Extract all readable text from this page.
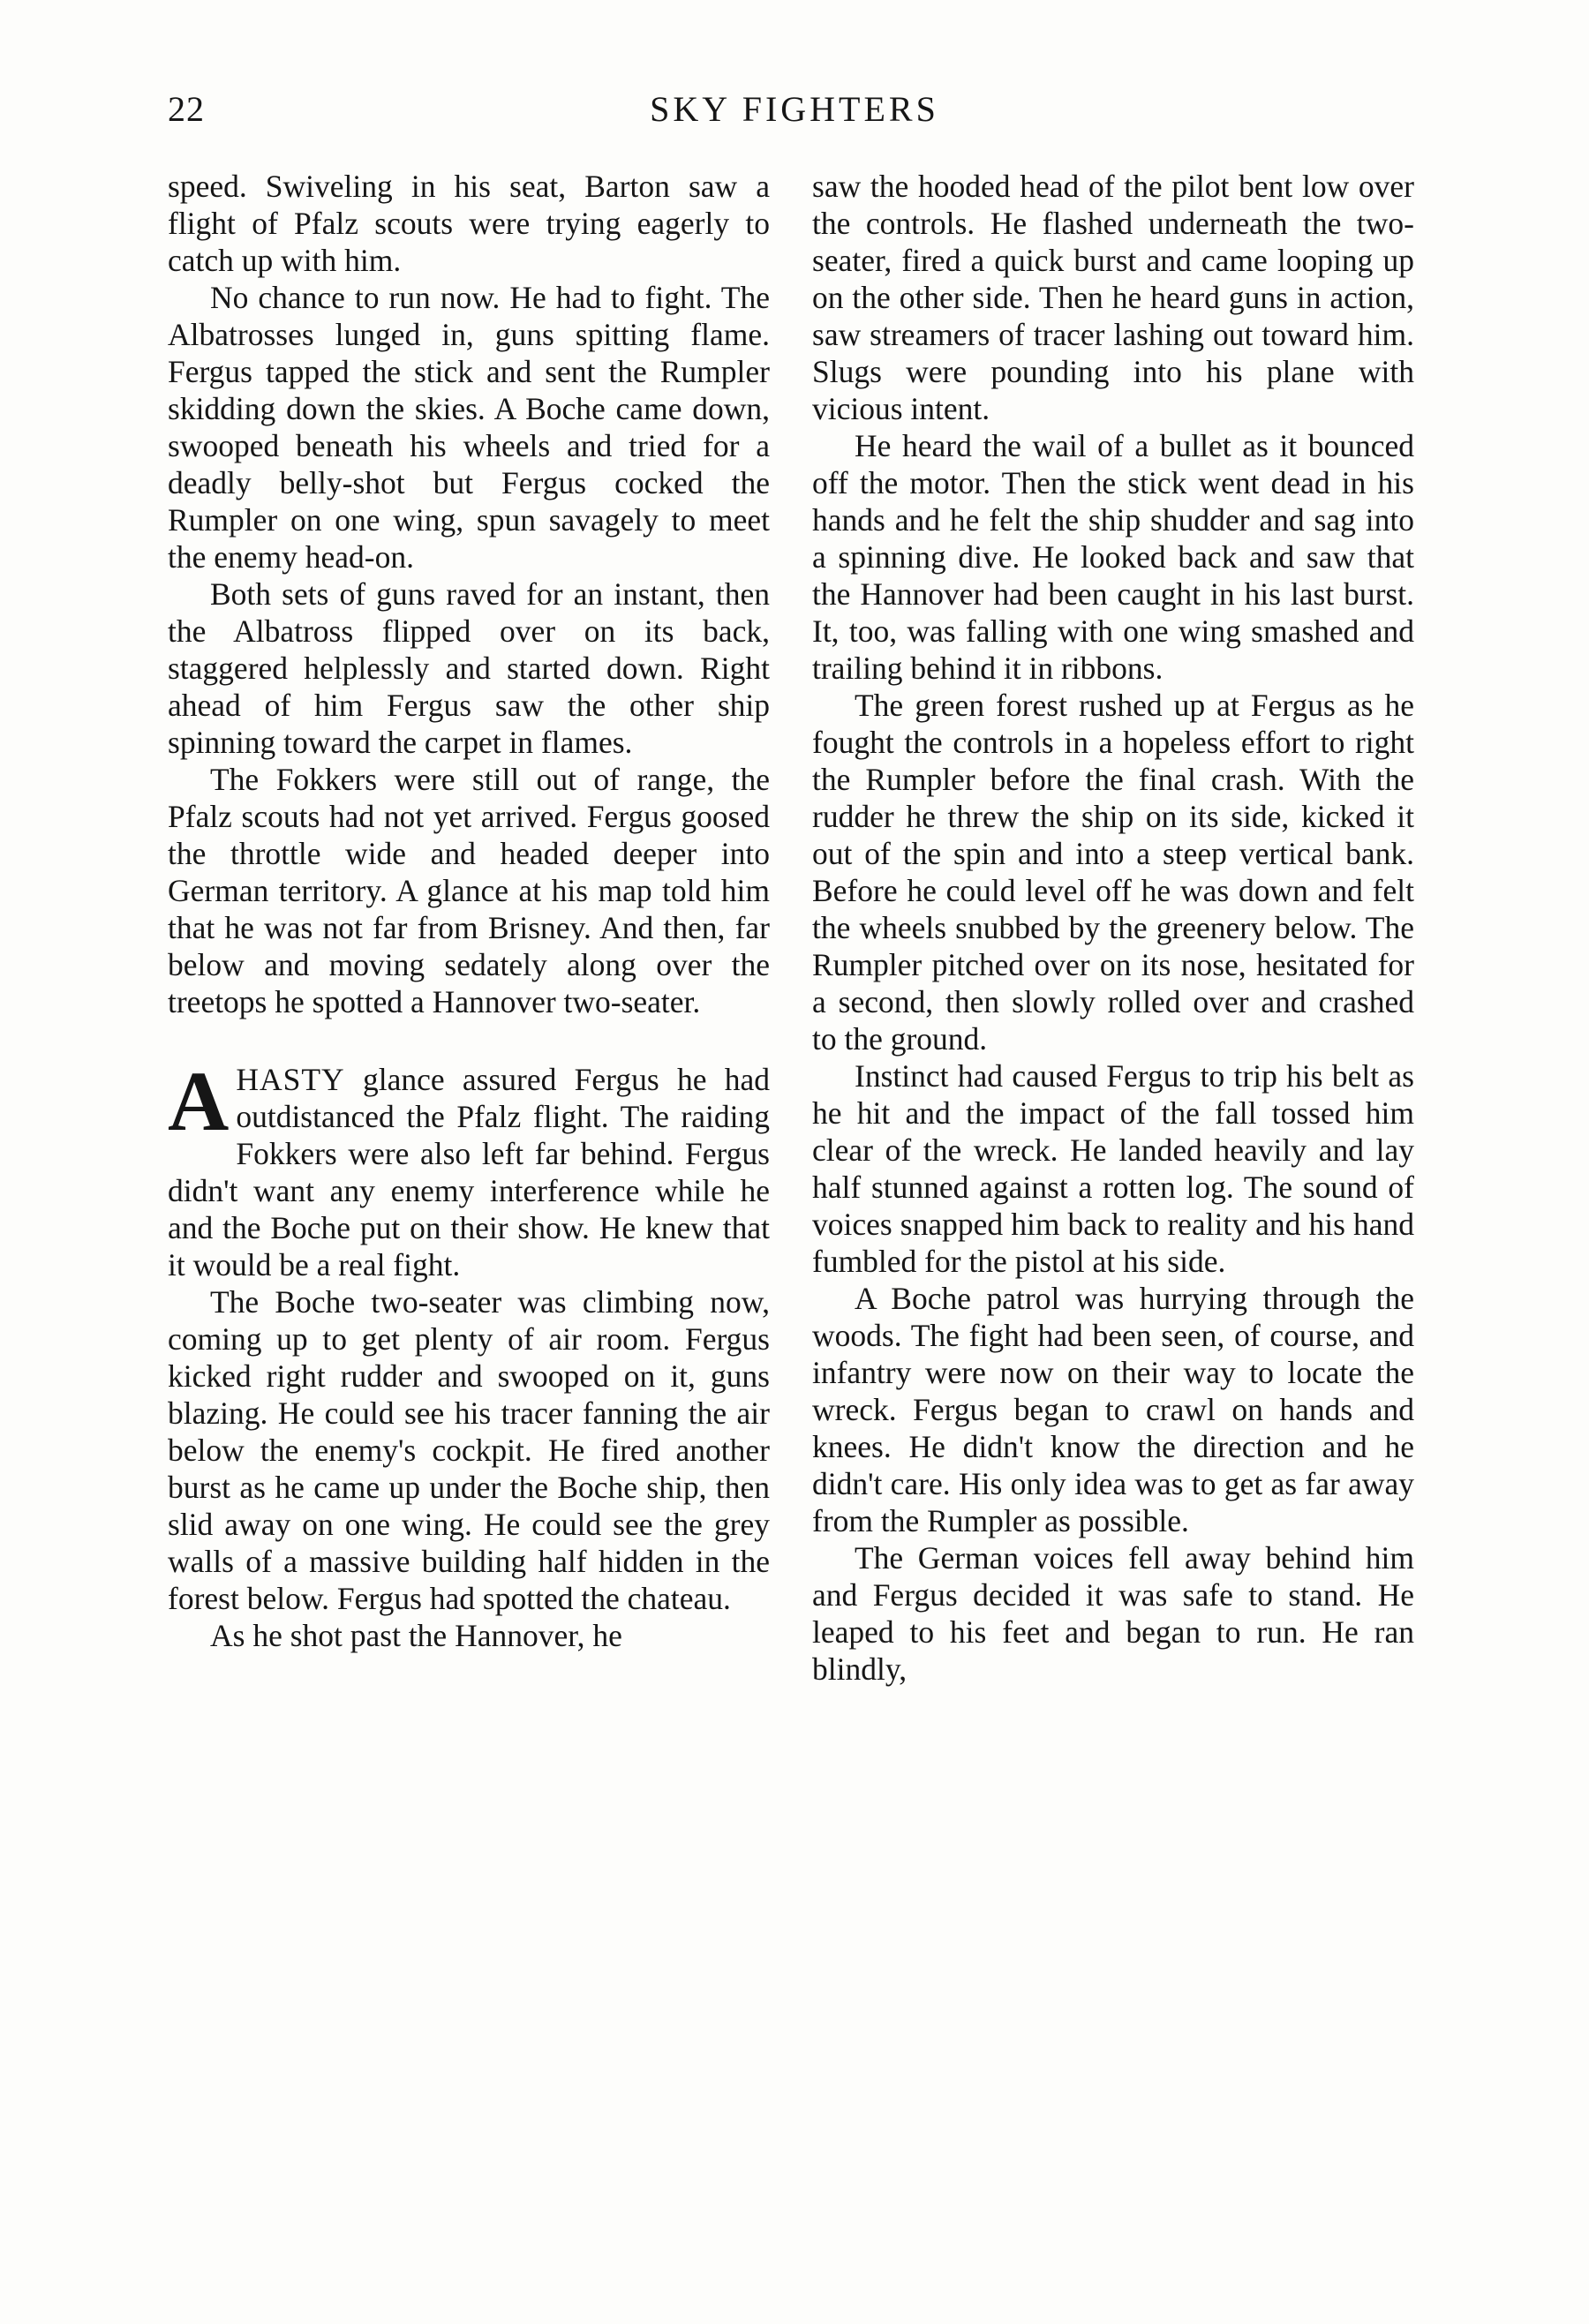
22	SKY FIGHTERS

speed. Swiveling in his seat, Barton saw a flight of Pfalz scouts were trying eagerly to catch up with him.

No chance to run now. He had to fight. The Albatrosses lunged in, guns spitting flame. Fergus tapped the stick and sent the Rumpler skidding down the skies. A Boche came down, swooped beneath his wheels and tried for a deadly belly-shot but Fergus cocked the Rumpler on one wing, spun savagely to meet the enemy head-on.

Both sets of guns raved for an instant, then the Albatross flipped over on its back, staggered helplessly and started down. Right ahead of him Fergus saw the other ship spinning toward the carpet in flames.

The Fokkers were still out of range, the Pfalz scouts had not yet arrived. Fergus goosed the throttle wide and headed deeper into German territory. A glance at his map told him that he was not far from Brisney. And then, far below and moving sedately along over the treetops he spotted a Hannover two-seater.

AHASTY glance assured Fergus he had outdistanced the Pfalz flight. The raiding Fokkers were also left far behind. Fergus didn't want any enemy interference while he and the Boche put on their show. He knew that it would be a real fight.

The Boche two-seater was climbing now, coming up to get plenty of air room. Fergus kicked right rudder and swooped on it, guns blazing. He could see his tracer fanning the air below the enemy's cockpit. He fired another burst as he came up under the Boche ship, then slid away on one wing. He could see the grey walls of a massive building half hidden in the forest below. Fergus had spotted the chateau.

As he shot past the Hannover, he

saw the hooded head of the pilot bent low over the controls. He flashed underneath the two-seater, fired a quick burst and came looping up on the other side. Then he heard guns in action, saw streamers of tracer lashing out toward him. Slugs were pounding into his plane with vicious intent.

He heard the wail of a bullet as it bounced off the motor. Then the stick went dead in his hands and he felt the ship shudder and sag into a spinning dive. He looked back and saw that the Hannover had been caught in his last burst. It, too, was falling with one wing smashed and trailing behind it in ribbons.

The green forest rushed up at Fergus as he fought the controls in a hopeless effort to right the Rumpler before the final crash. With the rudder he threw the ship on its side, kicked it out of the spin and into a steep vertical bank. Before he could level off he was down and felt the wheels snubbed by the greenery below. The Rumpler pitched over on its nose, hesitated for a second, then slowly rolled over and crashed to the ground.

Instinct had caused Fergus to trip his belt as he hit and the impact of the fall tossed him clear of the wreck. He landed heavily and lay half stunned against a rotten log. The sound of voices snapped him back to reality and his hand fumbled for the pistol at his side.

A Boche patrol was hurrying through the woods. The fight had been seen, of course, and infantry were now on their way to locate the wreck. Fergus began to crawl on hands and knees. He didn't know the direction and he didn't care. His only idea was to get as far away from the Rumpler as possible.

The German voices fell away behind him and Fergus decided it was safe to stand. He leaped to his feet and began to run. He ran blindly,
